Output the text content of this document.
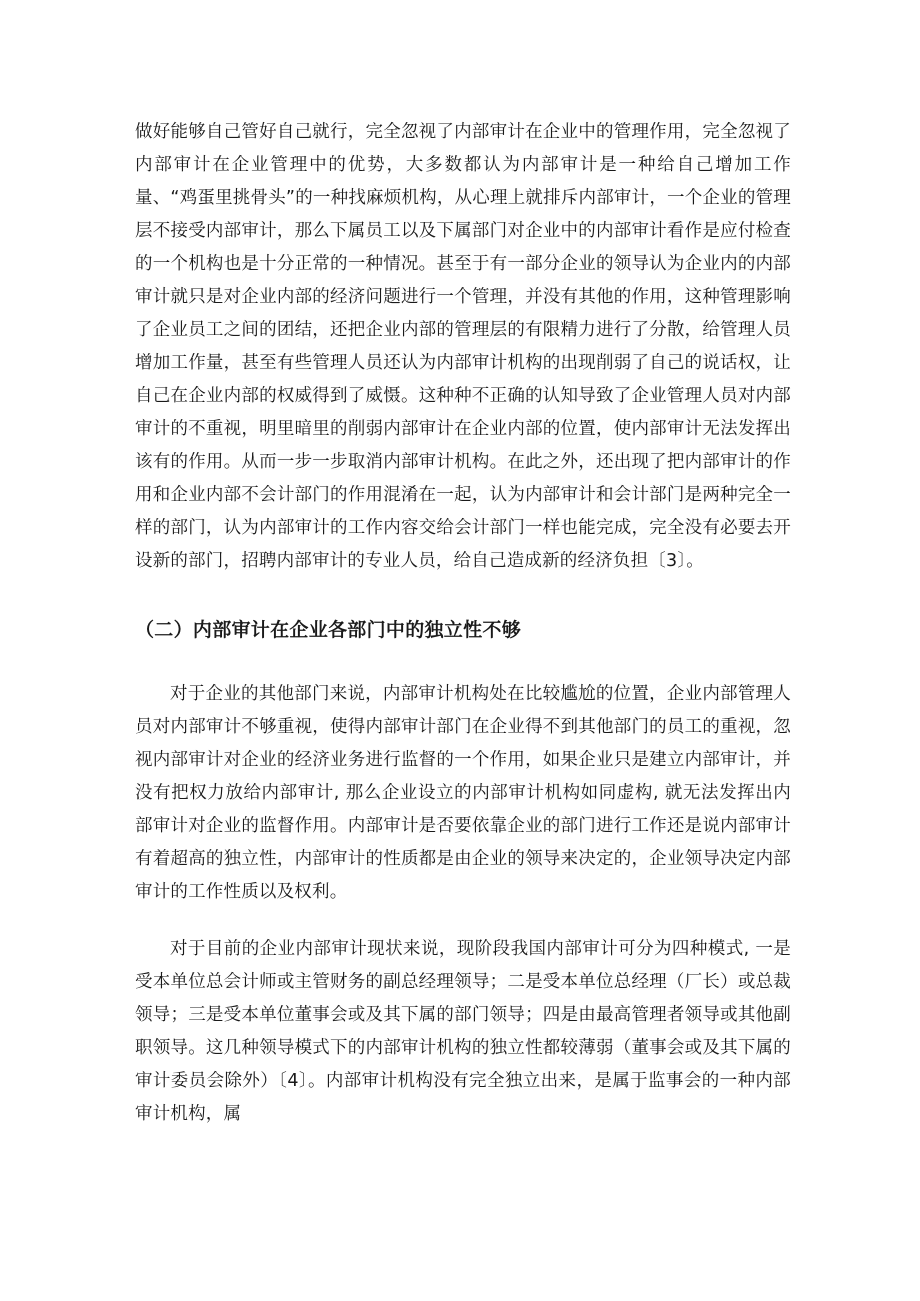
做好能够自己管好自己就行，完全忽视了内部审计在企业中的管理作用，完全忽视了内部审计在企业管理中的优势，大多数都认为内部审计是一种给自己增加工作量、“鸡蛋里挑骨头”的一种找麻烦机构，从心理上就排斥内部审计，一个企业的管理层不接受内部审计，那么下属员工以及下属部门对企业中的内部审计看作是应付检查的一个机构也是十分正常的一种情况。甚至于有一部分企业的领导认为企业内的内部审计就只是对企业内部的经济问题进行一个管理，并没有其他的作用，这种管理影响了企业员工之间的团结，还把企业内部的管理层的有限精力进行了分散，给管理人员增加工作量，甚至有些管理人员还认为内部审计机构的出现削弱了自己的说话权，让自己在企业内部的权威得到了威慑。这种种不正确的认知导致了企业管理人员对内部审计的不重视，明里暗里的削弱内部审计在企业内部的位置，使内部审计无法发挥出该有的作用。从而一步一步取消内部审计机构。在此之外，还出现了把内部审计的作用和企业内部不会计部门的作用混淆在一起，认为内部审计和会计部门是两种完全一样的部门，认为内部审计的工作内容交给会计部门一样也能完成，完全没有必要去开设新的部门，招聘内部审计的专业人员，给自己造成新的经济负担〔3〕。

（二）内部审计在企业各部门中的独立性不够

对于企业的其他部门来说，内部审计机构处在比较尴尬的位置，企业内部管理人员对内部审计不够重视，使得内部审计部门在企业得不到其他部门的员工的重视，忽视内部审计对企业的经济业务进行监督的一个作用，如果企业只是建立内部审计，并没有把权力放给内部审计, 那么企业设立的内部审计机构如同虚构, 就无法发挥出内部审计对企业的监督作用。内部审计是否要依靠企业的部门进行工作还是说内部审计有着超高的独立性，内部审计的性质都是由企业的领导来决定的，企业领导决定内部审计的工作性质以及权利。

对于目前的企业内部审计现状来说，现阶段我国内部审计可分为四种模式, 一是受本单位总会计师或主管财务的副总经理领导；二是受本单位总经理（厂长）或总裁领导；三是受本单位董事会或及其下属的部门领导；四是由最高管理者领导或其他副职领导。这几种领导模式下的内部审计机构的独立性都较薄弱（董事会或及其下属的审计委员会除外）〔4〕。内部审计机构没有完全独立出来，是属于监事会的一种内部审计机构，属
